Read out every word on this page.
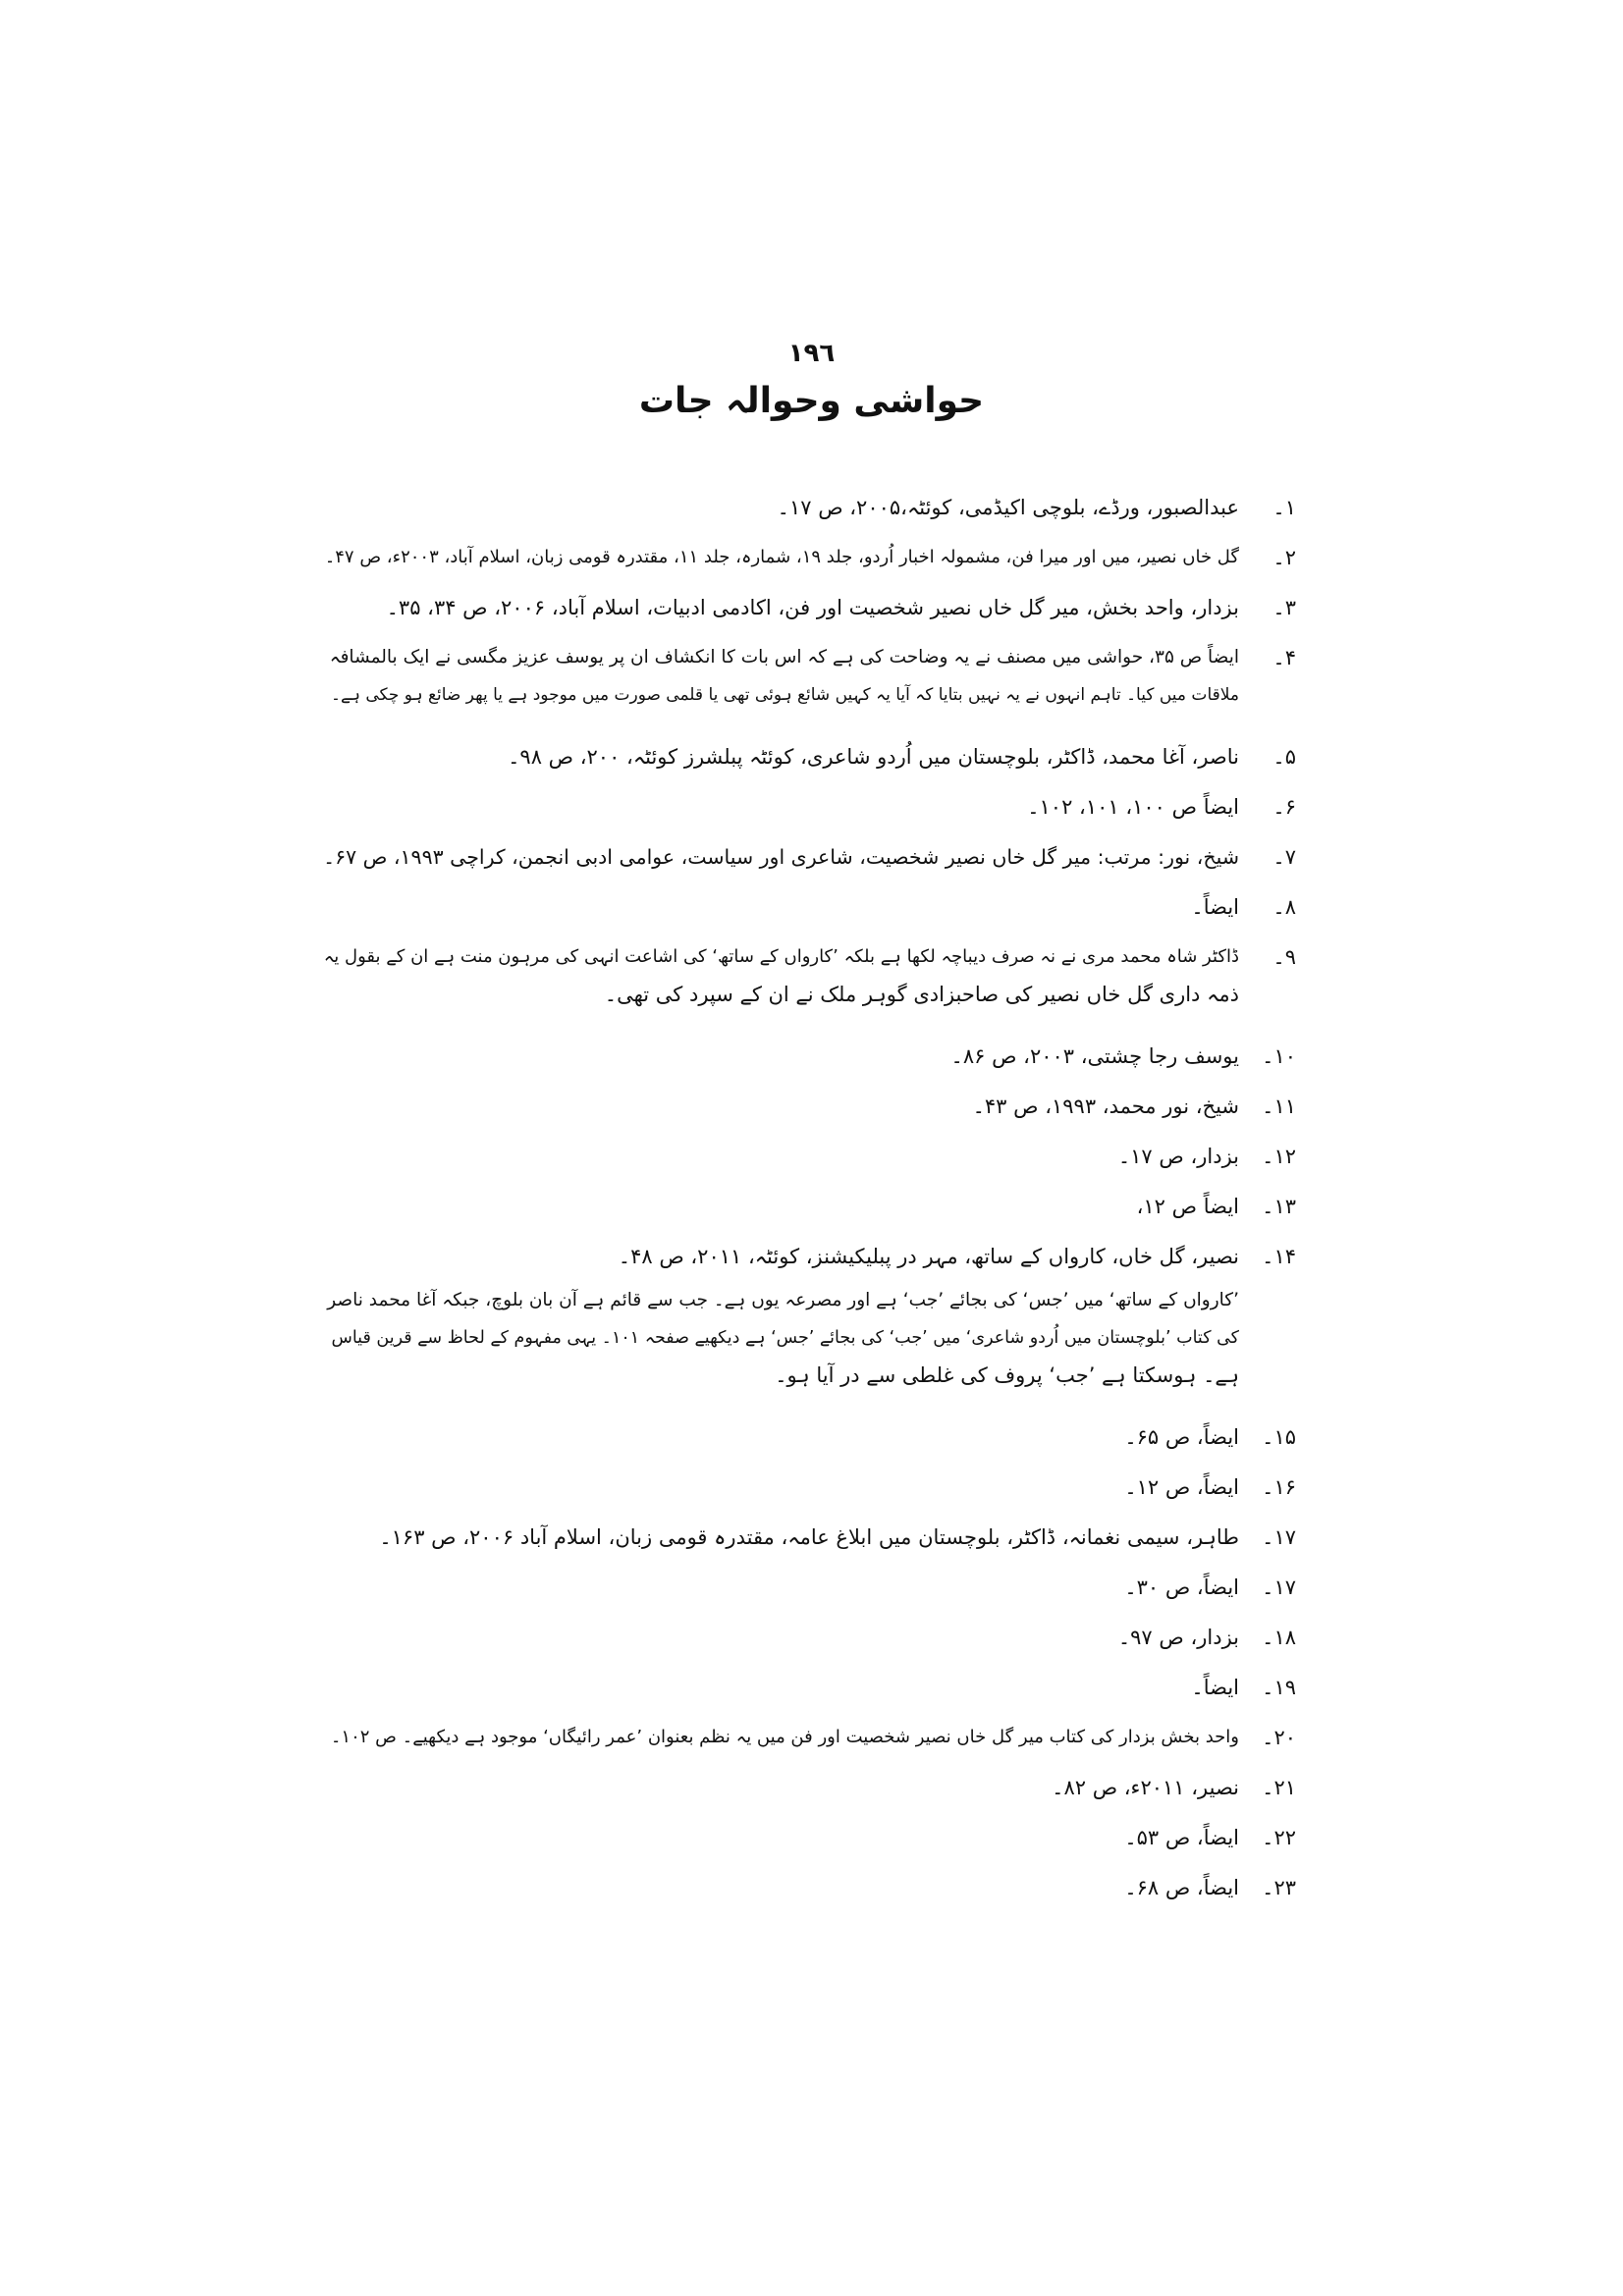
١٩٦
حواشی وحوالہ جات
۱۔
عبدالصبور، ورڈے، بلوچی اکیڈمی، کوئٹہ،۲۰۰۵، ص ۱۷۔
۲۔
گل خاں نصیر، میں اور میرا فن، مشمولہ اخبار اُردو، جلد ۱۹، شمارہ، جلد ۱۱، مقتدرہ قومی زبان، اسلام آباد، ۲۰۰۳ء، ص ۴۷۔
۳۔
بزدار، واحد بخش، میر گل خاں نصیر شخصیت اور فن، اکادمی ادبیات، اسلام آباد، ۲۰۰۶، ص ۳۴، ۳۵۔
۴۔
ایضاً ص ۳۵، حواشی میں مصنف نے یہ وضاحت کی ہے کہ اس بات کا انکشاف ان پر یوسف عزیز مگسی نے ایک بالمشافہ
ملاقات میں کیا۔ تاہم انہوں نے یہ نہیں بتایا کہ آیا یہ کہیں شائع ہوئی تھی یا قلمی صورت میں موجود ہے یا پھر ضائع ہو چکی ہے۔
۵۔
ناصر، آغا محمد، ڈاکٹر، بلوچستان میں اُردو شاعری، کوئٹہ پبلشرز کوئٹہ، ۲۰۰، ص ۹۸۔
۶۔
ایضاً ص ۱۰۰، ۱۰۱، ۱۰۲۔
۷۔
شیخ، نور: مرتب: میر گل خاں نصیر شخصیت، شاعری اور سیاست، عوامی ادبی انجمن، کراچی ۱۹۹۳، ص ۶۷۔
۸۔
ایضاً۔
۹۔
ڈاکٹر شاہ محمد مری نے نہ صرف دیباچہ لکھا ہے بلکہ ’کارواں کے ساتھ‘ کی اشاعت انہی کی مرہون منت ہے ان کے بقول یہ
ذمہ داری گل خاں نصیر کی صاحبزادی گوہر ملک نے ان کے سپرد کی تھی۔
۱۰۔
یوسف رجا چشتی، ۲۰۰۳، ص ۸۶۔
۱۱۔
شیخ، نور محمد، ۱۹۹۳، ص ۴۳۔
۱۲۔
بزدار، ص ۱۷۔
۱۳۔
ایضاً ص ۱۲،
۱۴۔
نصیر، گل خاں، کارواں کے ساتھ، مہر در پبلیکیشنز، کوئٹہ، ۲۰۱۱، ص ۴۸۔
’کارواں کے ساتھ‘ میں ’جس‘ کی بجائے ’جب‘ ہے اور مصرعہ یوں ہے۔ جب سے قائم ہے آن بان بلوچ، جبکہ آغا محمد ناصر
کی کتاب ’بلوچستان میں اُردو شاعری‘ میں ’جب‘ کی بجائے ’جس‘ ہے دیکھیے صفحہ ۱۰۱۔ یہی مفہوم کے لحاظ سے قرین قیاس
ہے۔ ہوسکتا ہے ’جب‘ پروف کی غلطی سے در آیا ہو۔
۱۵۔
ایضاً، ص ۶۵۔
۱۶۔
ایضاً، ص ۱۲۔
۱۷۔
طاہر، سیمی نغمانہ، ڈاکٹر، بلوچستان میں ابلاغ عامہ، مقتدرہ قومی زبان، اسلام آباد ۲۰۰۶، ص ۱۶۳۔
۱۷۔
ایضاً، ص ۳۰۔
۱۸۔
بزدار، ص ۹۷۔
۱۹۔
ایضاً۔
۲۰۔
واحد بخش بزدار کی کتاب میر گل خاں نصیر شخصیت اور فن میں یہ نظم بعنوان ’عمر رائیگاں‘ موجود ہے دیکھیے۔ ص ۱۰۲۔
۲۱۔
نصیر، ۲۰۱۱ء، ص ۸۲۔
۲۲۔
ایضاً، ص ۵۳۔
۲۳۔
ایضاً، ص ۶۸۔
